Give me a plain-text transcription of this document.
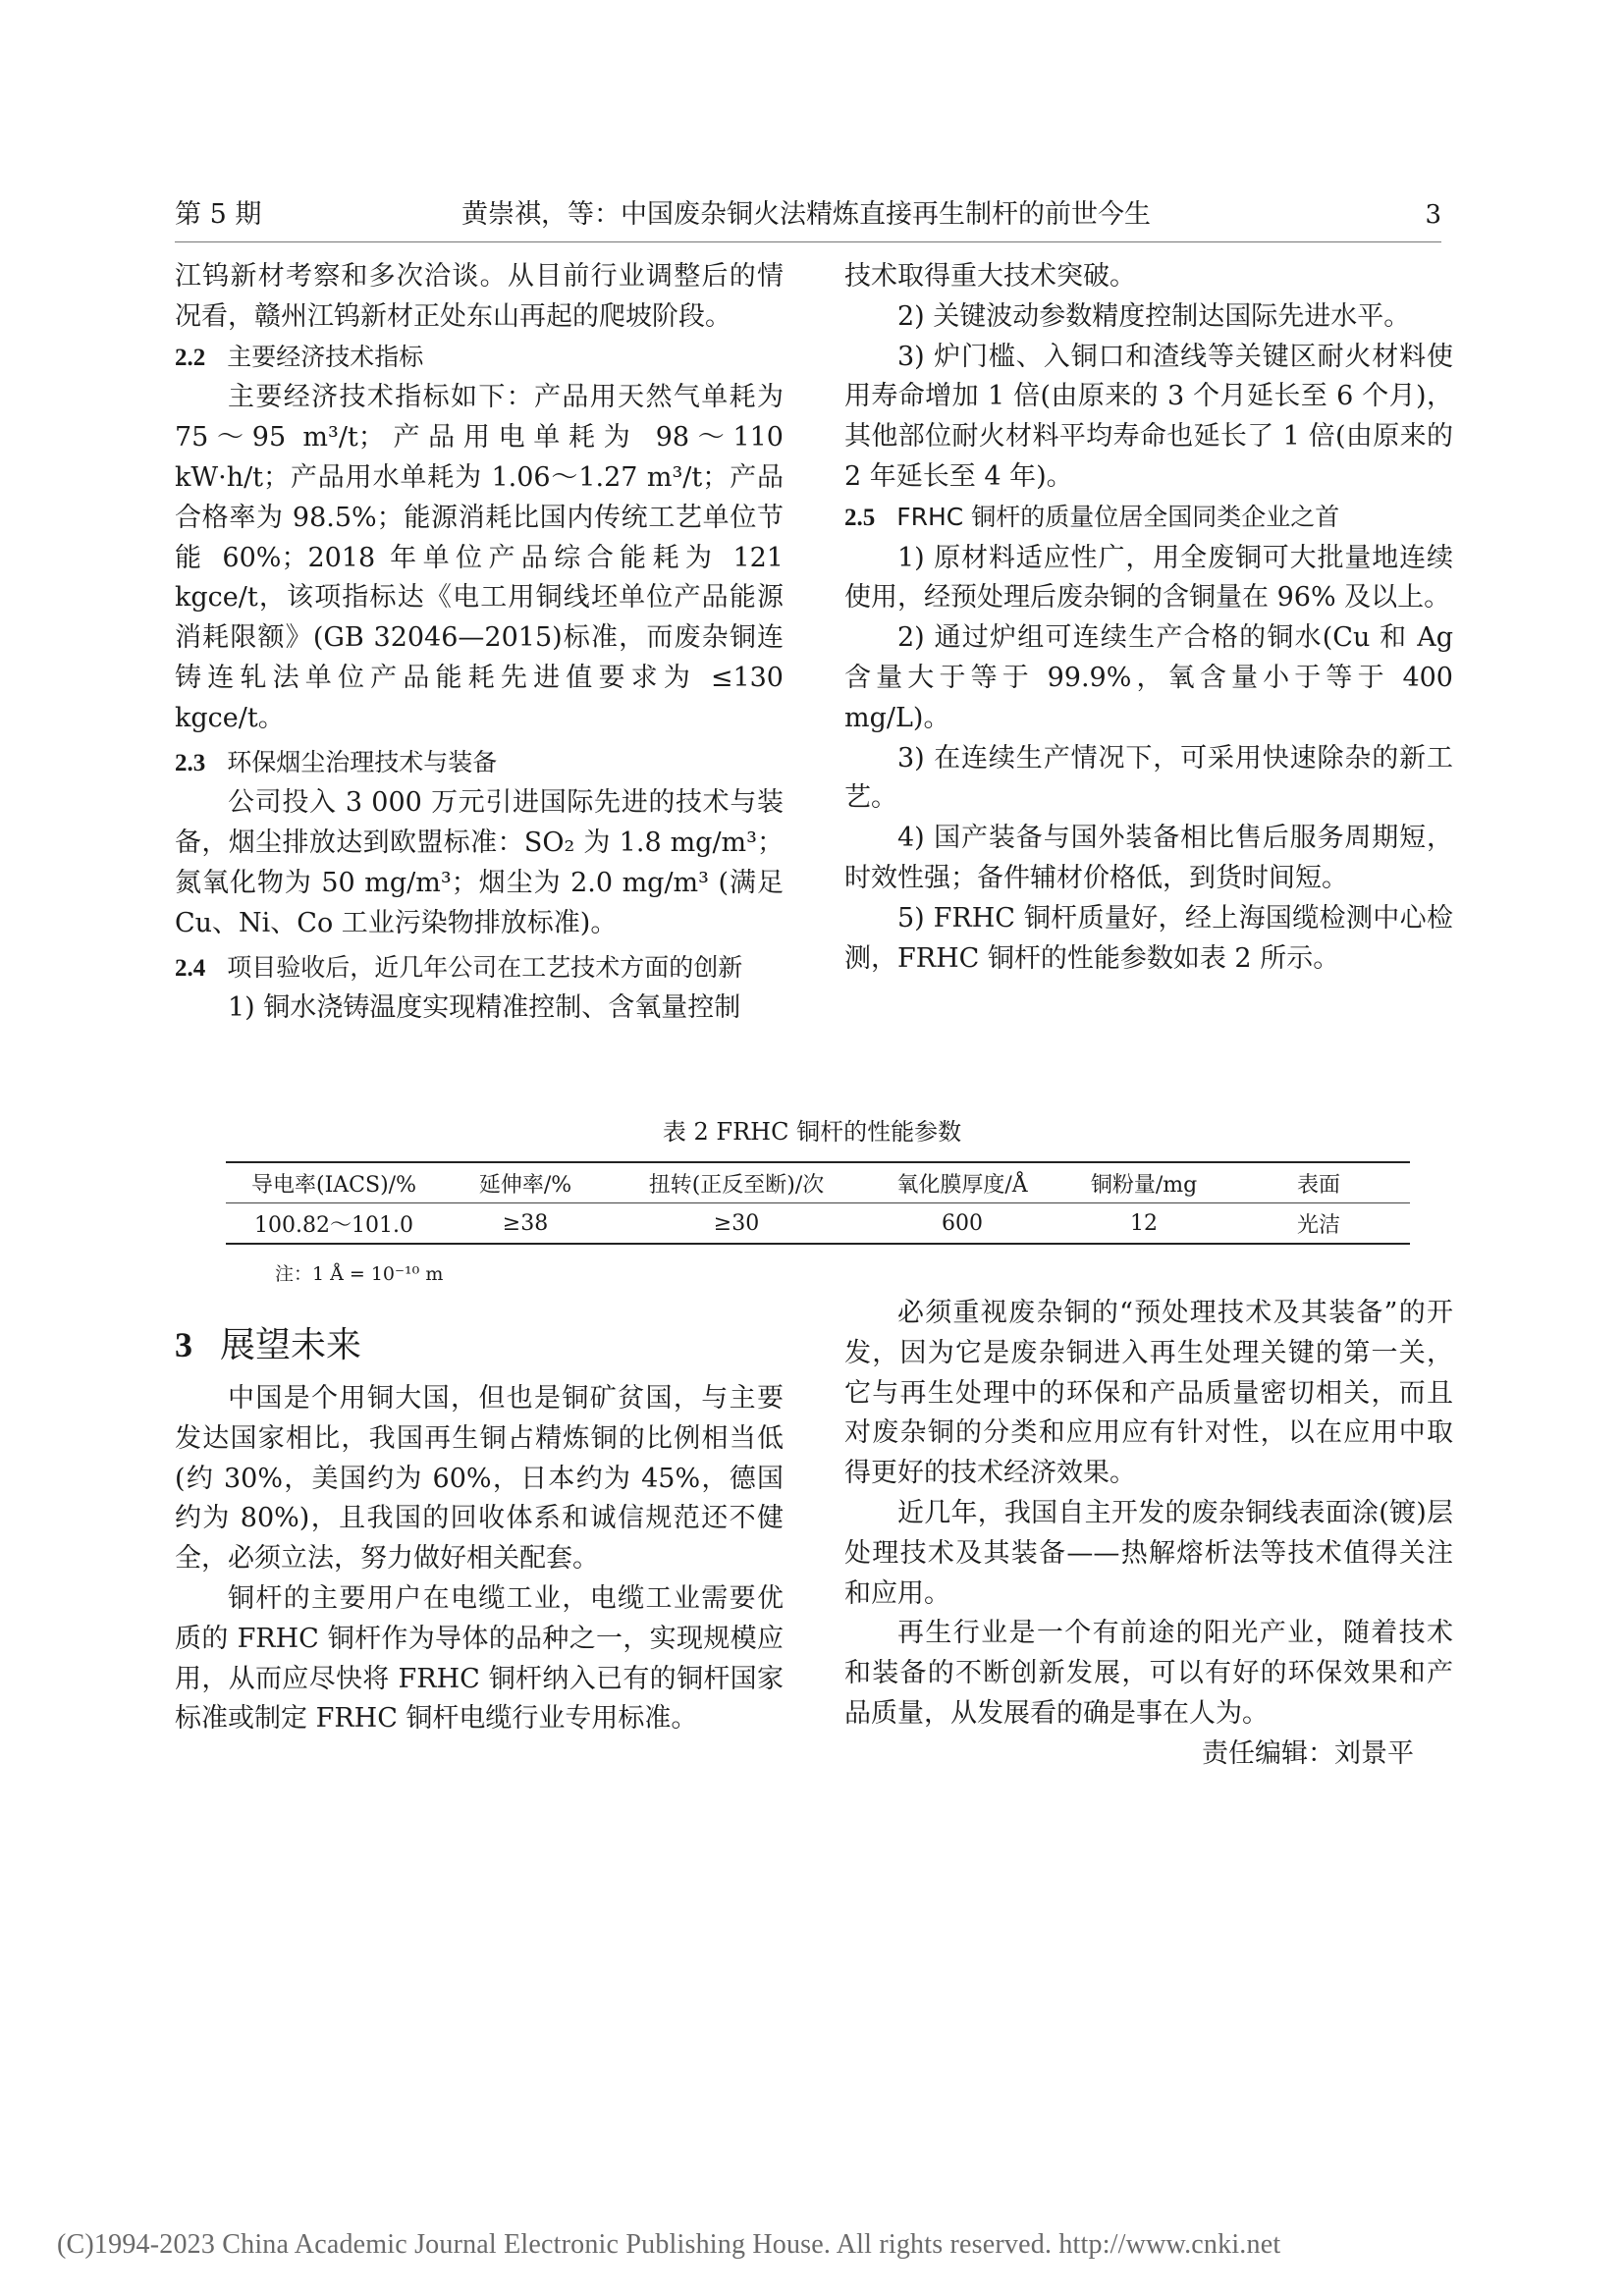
第 5 期	黄崇祺，等：中国废杂铜火法精炼直接再生制杆的前世今生	3

江钨新材考察和多次洽谈。从目前行业调整后的情况看，赣州江钨新材正处东山再起的爬坡阶段。

2.2 主要经济技术指标

主要经济技术指标如下：产品用天然气单耗为 75～95 m³/t；产品用电单耗为 98～110 kW·h/t；产品用水单耗为 1.06～1.27 m³/t；产品合格率为 98.5%；能源消耗比国内传统工艺单位节能 60%；2018 年单位产品综合能耗为 121 kgce/t，该项指标达《电工用铜线坯单位产品能源消耗限额》(GB 32046—2015)标准，而废杂铜连铸连轧法单位产品能耗先进值要求为 ≤130 kgce/t。

2.3 环保烟尘治理技术与装备

公司投入 3 000 万元引进国际先进的技术与装备，烟尘排放达到欧盟标准：SO₂ 为 1.8 mg/m³；氮氧化物为 50 mg/m³；烟尘为 2.0 mg/m³ (满足 Cu、Ni、Co 工业污染物排放标准)。

2.4 项目验收后，近几年公司在工艺技术方面的创新

1) 铜水浇铸温度实现精准控制、含氧量控制

技术取得重大技术突破。

2) 关键波动参数精度控制达国际先进水平。

3) 炉门槛、入铜口和渣线等关键区耐火材料使用寿命增加 1 倍(由原来的 3 个月延长至 6 个月)，其他部位耐火材料平均寿命也延长了 1 倍(由原来的 2 年延长至 4 年)。

2.5 FRHC 铜杆的质量位居全国同类企业之首

1) 原材料适应性广，用全废铜可大批量地连续使用，经预处理后废杂铜的含铜量在 96% 及以上。

2) 通过炉组可连续生产合格的铜水(Cu 和 Ag 含量大于等于 99.9%，氧含量小于等于 400 mg/L)。

3) 在连续生产情况下，可采用快速除杂的新工艺。

4) 国产装备与国外装备相比售后服务周期短，时效性强；备件辅材价格低，到货时间短。

5) FRHC 铜杆质量好，经上海国缆检测中心检测，FRHC 铜杆的性能参数如表 2 所示。

表 2 FRHC 铜杆的性能参数
导电率(IACS)/%	延伸率/%	扭转(正反至断)/次	氧化膜厚度/Å	铜粉量/mg	表面
100.82～101.0	≥38	≥30	600	12	光洁
注：1 Å = 10⁻¹⁰ m
3 展望未来

中国是个用铜大国，但也是铜矿贫国，与主要发达国家相比，我国再生铜占精炼铜的比例相当低(约 30%，美国约为 60%，日本约为 45%，德国约为 80%)，且我国的回收体系和诚信规范还不健全，必须立法，努力做好相关配套。

铜杆的主要用户在电缆工业，电缆工业需要优质的 FRHC 铜杆作为导体的品种之一，实现规模应用，从而应尽快将 FRHC 铜杆纳入已有的铜杆国家标准或制定 FRHC 铜杆电缆行业专用标准。

必须重视废杂铜的“预处理技术及其装备”的开发，因为它是废杂铜进入再生处理关键的第一关，它与再生处理中的环保和产品质量密切相关，而且对废杂铜的分类和应用应有针对性，以在应用中取得更好的技术经济效果。

近几年，我国自主开发的废杂铜线表面涂(镀)层处理技术及其装备——热解熔析法等技术值得关注和应用。

再生行业是一个有前途的阳光产业，随着技术和装备的不断创新发展，可以有好的环保效果和产品质量，从发展看的确是事在人为。

责任编辑：刘景平

(C)1994-2023 China Academic Journal Electronic Publishing House. All rights reserved. http://www.cnki.net
